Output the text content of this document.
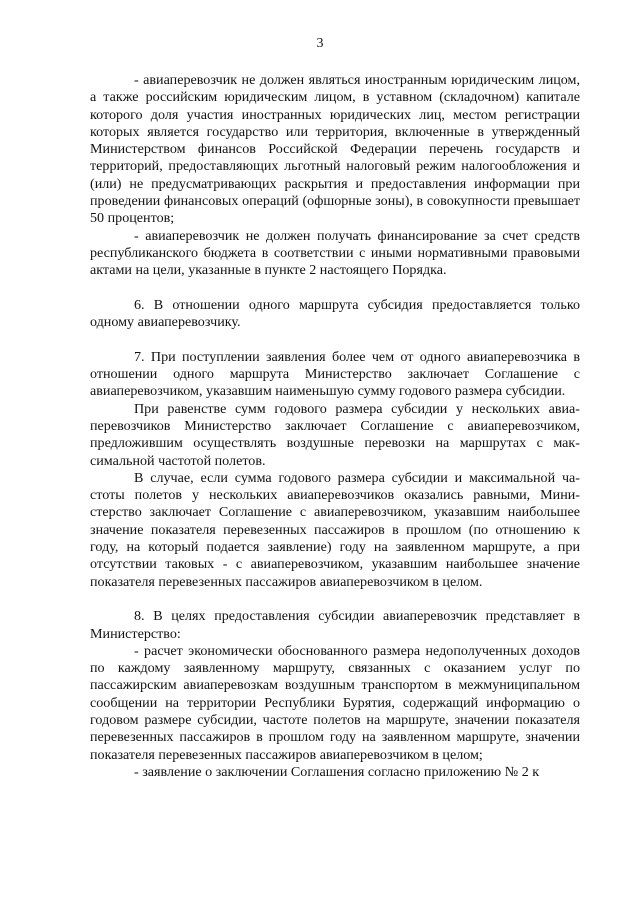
3

- авиаперевозчик не должен являться иностранным юридическим лицом, а также российским юридическим лицом, в уставном (складочном) капитале которого доля участия иностранных юридических лиц, местом регистрации которых является государство или территория, включенные в утвержденный Министерством финансов Российской Федерации перечень государств и территорий, предоставляющих льготный налоговый режим налогообложения и (или) не предусматривающих раскрытия и предоставления информации при проведении финансовых операций (офшорные зоны), в совокупности превышает 50 процентов;

- авиаперевозчик не должен получать финансирование за счет средств республиканского бюджета в соответствии с иными нормативными правовыми актами на цели, указанные в пункте 2 настоящего Порядка.

6. В отношении одного маршрута субсидия предоставляется только одному авиаперевозчику.

7. При поступлении заявления более чем от одного авиаперевозчика в отношении одного маршрута Министерство заключает Соглашение с авиаперевозчиком, указавшим наименьшую сумму годового размера субсидии.

При равенстве сумм годового размера субсидии у нескольких авиаперевозчиков Министерство заключает Соглашение с авиаперевозчиком, предложившим осуществлять воздушные перевозки на маршрутах с максимальной частотой полетов.

В случае, если сумма годового размера субсидии и максимальной частоты полетов у нескольких авиаперевозчиков оказались равными, Министерство заключает Соглашение с авиаперевозчиком, указавшим наибольшее значение показателя перевезенных пассажиров в прошлом (по отношению к году, на который подается заявление) году на заявленном маршруте, а при отсутствии таковых - с авиаперевозчиком, указавшим наибольшее значение показателя перевезенных пассажиров авиаперевозчиком в целом.

8. В целях предоставления субсидии авиаперевозчик представляет в Министерство:

- расчет экономически обоснованного размера недополученных доходов по каждому заявленному маршруту, связанных с оказанием услуг по пассажирским авиаперевозкам воздушным транспортом в межмуниципальном сообщении на территории Республики Бурятия, содержащий информацию о годовом размере субсидии, частоте полетов на маршруте, значении показателя перевезенных пассажиров в прошлом году на заявленном маршруте, значении показателя перевезенных пассажиров авиаперевозчиком в целом;

- заявление о заключении Соглашения согласно приложению № 2 к
